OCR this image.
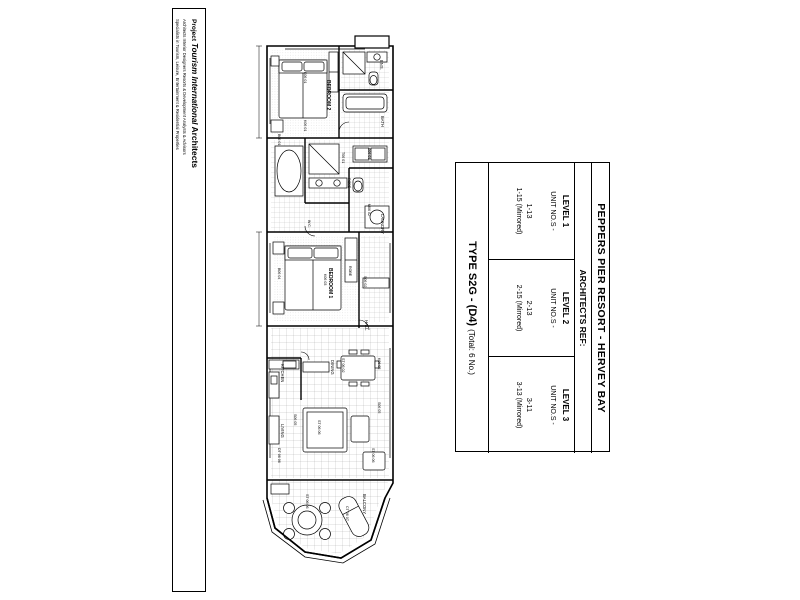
Project Tourism International Architects
Architects Interior Designers Resorts & Development Analysts & Advisors
Specialists in Tourism, Leisure, Entertainment & Residential Properties
PEPPERS PIER RESORT - HERVEY BAY
ARCHITECTS REF:
LEVEL 1
UNIT NO.S -
1-13
1-15 (Mirrored)
LEVEL 2
UNIT NO.S -
2-13
2-15 (Mirrored)
LEVEL 3
UNIT NO.S -
3-11
3-13 (Mirrored)
TYPE S2G - (D4) (Total: 6 No.)
BEDROOM 2
BEDROOM 1
ENS.
BATH
ROBE
W.C.	LAUNDRY
ROBE
HALL
KITCHEN	DINING
LIVING
BALCONY
K06 01
K06 01
B06 01
T06 01	S06 01
M06 02
K06 03
B06 04
S06 02
ST 06 02	K06 05
S06 05
S06 05
ST 06 06
DT 06 06	ST 06 06
ST 06 06
CT 06 07
